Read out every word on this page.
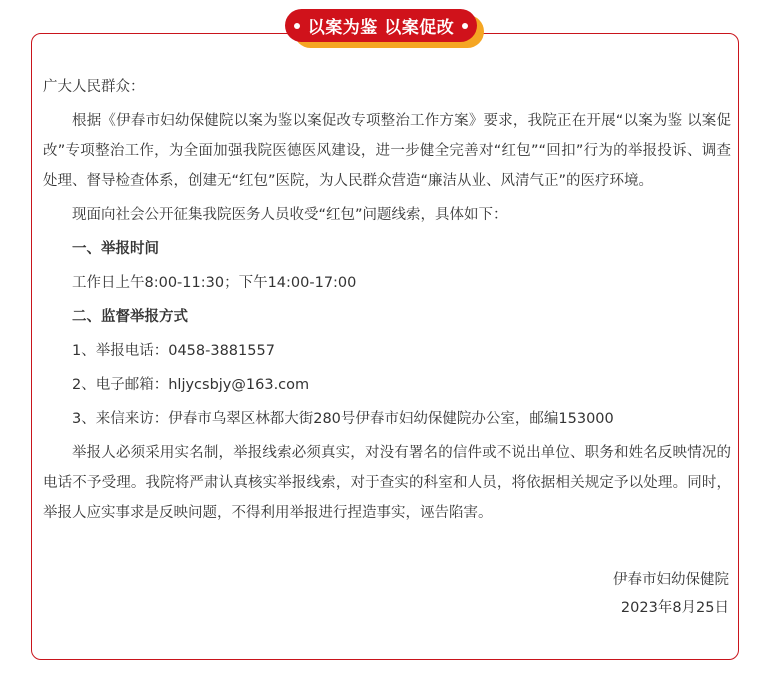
以案为鉴 以案促改

广大人民群众：

根据《伊春市妇幼保健院以案为鉴以案促改专项整治工作方案》要求，我院正在开展“以案为鉴 以案促改”专项整治工作，为全面加强我院医德医风建设，进一步健全完善对“红包”“回扣”行为的举报投诉、调查处理、督导检查体系，创建无“红包”医院，为人民群众营造“廉洁从业、风清气正”的医疗环境。

现面向社会公开征集我院医务人员收受“红包”问题线索，具体如下：

一、举报时间

工作日上午8:00-11:30；下午14:00-17:00

二、监督举报方式

1、举报电话：0458-3881557

2、电子邮箱：hljycsbjy@163.com

3、来信来访：伊春市乌翠区林都大街280号伊春市妇幼保健院办公室，邮编153000

举报人必须采用实名制，举报线索必须真实，对没有署名的信件或不说出单位、职务和姓名反映情况的电话不予受理。我院将严肃认真核实举报线索，对于查实的科室和人员，将依据相关规定予以处理。同时，举报人应实事求是反映问题，不得利用举报进行捏造事实，诬告陷害。

伊春市妇幼保健院
2023年8月25日
